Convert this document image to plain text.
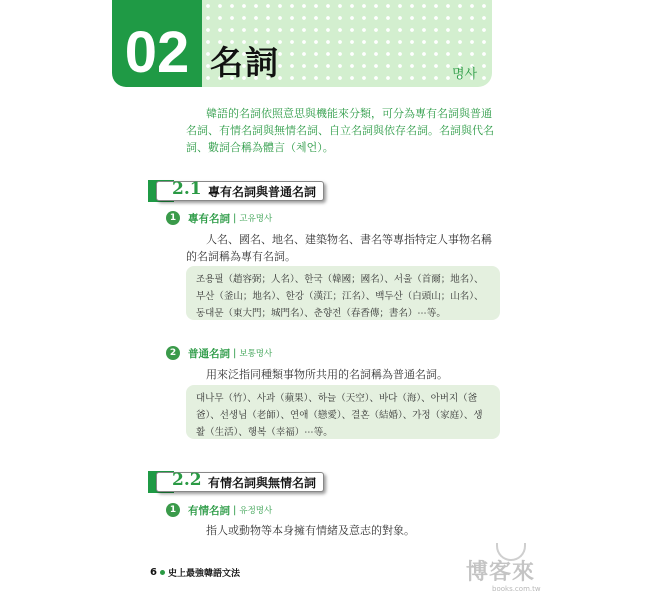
02 名詞	명사

韓語的名詞依照意思與機能來分類，可分為專有名詞與普通名詞、有情名詞與無情名詞、自立名詞與依存名詞。名詞與代名詞、數詞合稱為體言（체언）。

2.1 專有名詞與普通名詞
1	專有名詞 | 고유명사

人名、國名、地名、建築物名、書名等專指特定人事物名稱的名詞稱為專有名詞。

조용필（趙容弼；人名）、한국（韓國；國名）、서울（首爾；地名）、부산（釜山；地名）、한강（漢江；江名）、백두산（白頭山；山名）、동대문（東大門；城門名）、춘향전（春香傳；書名）⋯等。
2	普通名詞 | 보통명사

用來泛指同種類事物所共用的名詞稱為普通名詞。

대나무（竹）、사과（蘋果）、하늘（天空）、바다（海）、아버지（爸爸）、선생님（老師）、연애（戀愛）、결혼（結婚）、가정（家庭）、생활（生活）、행복（幸福）⋯等。
2.2 有情名詞與無情名詞
1	有情名詞 | 유정명사

指人或動物等本身擁有情緒及意志的對象。

6 史上最強韓語文法	博客來
books.com.tw
